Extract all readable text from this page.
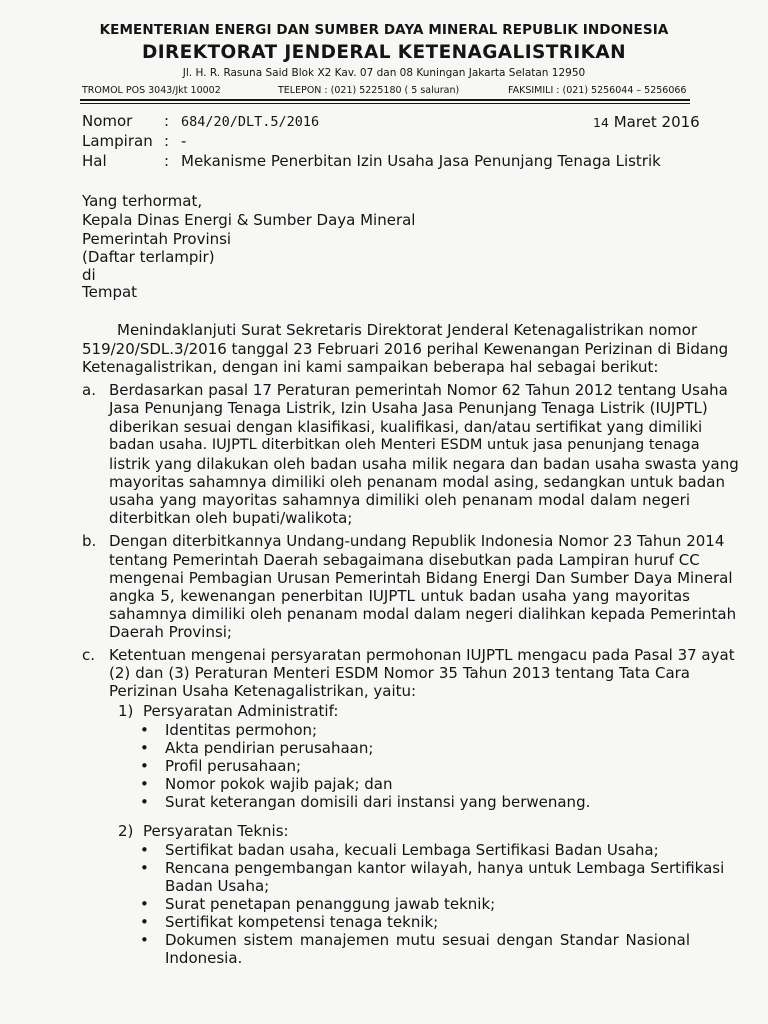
KEMENTERIAN ENERGI DAN SUMBER DAYA MINERAL REPUBLIK INDONESIA
DIREKTORAT JENDERAL KETENAGALISTRIKAN
Jl. H. R. Rasuna Said Blok X2 Kav. 07 dan 08 Kuningan Jakarta Selatan 12950
TROMOL POS 3043/Jkt 10002	TELEPON : (021) 5225180 ( 5 saluran)	FAKSIMILI : (021) 5256044 – 5256066
Nomor : 684/20/DLT.5/2016	14 Maret 2016
Lampiran : -
Hal	: Mekanisme Penerbitan Izin Usaha Jasa Penunjang Tenaga Listrik
Yang terhormat,
Kepala Dinas Energi & Sumber Daya Mineral
Pemerintah Provinsi
(Daftar terlampir)
di
Tempat
Menindaklanjuti Surat Sekretaris Direktorat Jenderal Ketenagalistrikan nomor
519/20/SDL.3/2016 tanggal 23 Februari 2016 perihal Kewenangan Perizinan di Bidang
Ketenagalistrikan, dengan ini kami sampaikan beberapa hal sebagai berikut:
a. Berdasarkan pasal 17 Peraturan pemerintah Nomor 62 Tahun 2012 tentang Usaha
Jasa Penunjang Tenaga Listrik, Izin Usaha Jasa Penunjang Tenaga Listrik (IUJPTL)
diberikan sesuai dengan klasifikasi, kualifikasi, dan/atau sertifikat yang dimiliki
badan usaha. IUJPTL diterbitkan oleh Menteri ESDM untuk jasa penunjang tenaga
listrik yang dilakukan oleh badan usaha milik negara dan badan usaha swasta yang
mayoritas sahamnya dimiliki oleh penanam modal asing, sedangkan untuk badan
usaha yang mayoritas sahamnya dimiliki oleh penanam modal dalam negeri
diterbitkan oleh bupati/walikota;
b. Dengan diterbitkannya Undang-undang Republik Indonesia Nomor 23 Tahun 2014
tentang Pemerintah Daerah sebagaimana disebutkan pada Lampiran huruf CC
mengenai Pembagian Urusan Pemerintah Bidang Energi Dan Sumber Daya Mineral
angka 5, kewenangan penerbitan IUJPTL untuk badan usaha yang mayoritas
sahamnya dimiliki oleh penanam modal dalam negeri dialihkan kepada Pemerintah
Daerah Provinsi;
c. Ketentuan mengenai persyaratan permohonan IUJPTL mengacu pada Pasal 37 ayat
(2) dan (3) Peraturan Menteri ESDM Nomor 35 Tahun 2013 tentang Tata Cara
Perizinan Usaha Ketenagalistrikan, yaitu:
1) Persyaratan Administratif:
• Identitas permohon;
• Akta pendirian perusahaan;
• Profil perusahaan;
• Nomor pokok wajib pajak; dan
• Surat keterangan domisili dari instansi yang berwenang.
2) Persyaratan Teknis:
• Sertifikat badan usaha, kecuali Lembaga Sertifikasi Badan Usaha;
• Rencana pengembangan kantor wilayah, hanya untuk Lembaga Sertifikasi
Badan Usaha;
• Surat penetapan penanggung jawab teknik;
• Sertifikat kompetensi tenaga teknik;
• Dokumen sistem manajemen mutu sesuai dengan Standar Nasional
Indonesia.
